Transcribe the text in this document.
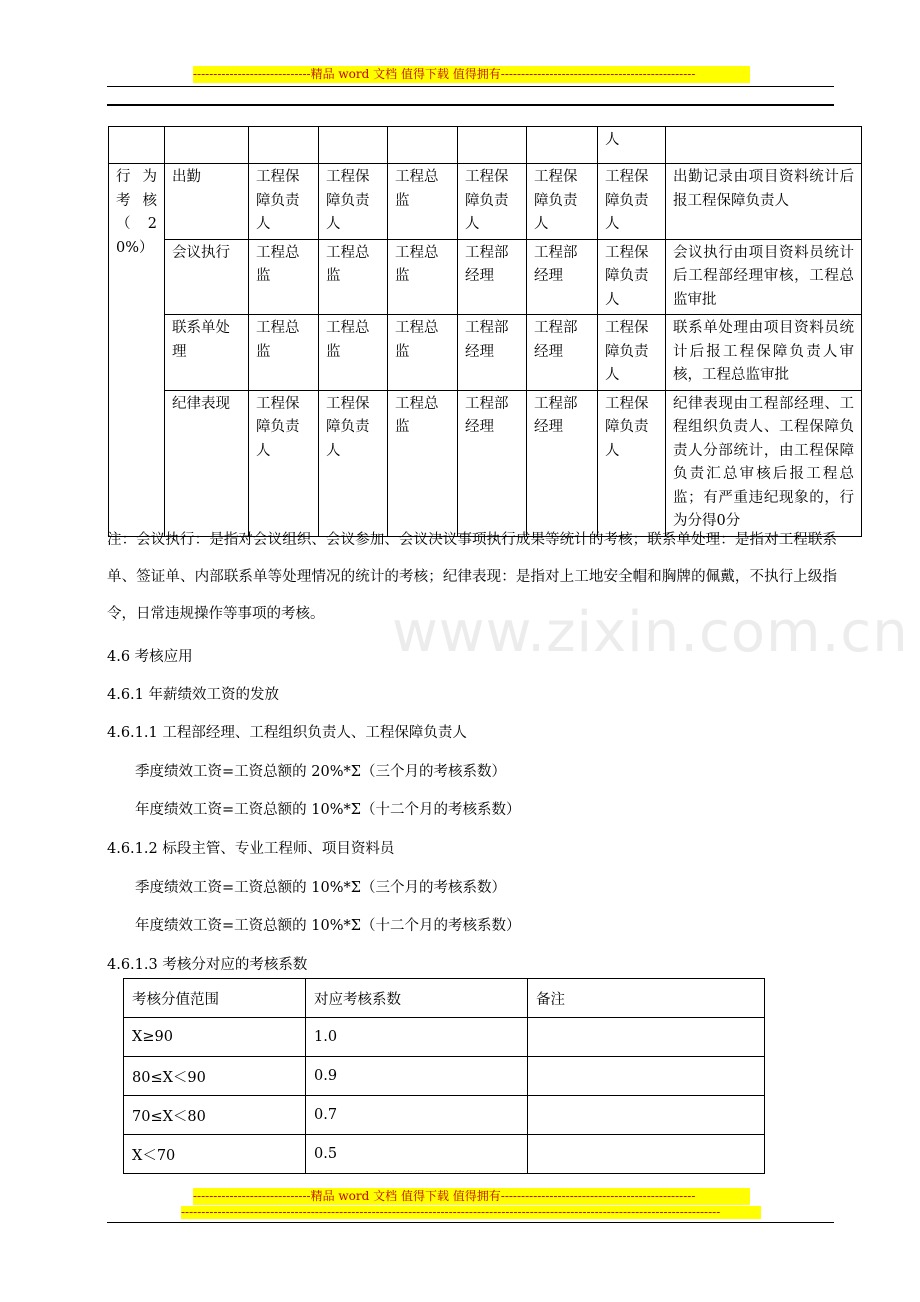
-----------------------------精品 word 文档 值得下载 值得拥有------------------------------------------------
							人	
行为考核（20%）	出勤	工程保障负责人	工程保障负责人	工程总监	工程保障负责人	工程保障负责人	工程保障负责人	出勤记录由项目资料统计后报工程保障负责人
	会议执行	工程总监	工程总监	工程总监	工程部经理	工程部经理	工程保障负责人	会议执行由项目资料员统计后工程部经理审核，工程总监审批
	联系单处理	工程总监	工程总监	工程总监	工程部经理	工程部经理	工程保障负责人	联系单处理由项目资料员统计后报工程保障负责人审核，工程总监审批
	纪律表现	工程保障负责人	工程保障负责人	工程总监	工程部经理	工程部经理	工程保障负责人	纪律表现由工程部经理、工程组织负责人、工程保障负责人分部统计，由工程保障负责汇总审核后报工程总监；有严重违纪现象的，行为分得0分
注：会议执行：是指对会议组织、会议参加、会议决议事项执行成果等统计的考核；联系单处理：是指对工程联系单、签证单、内部联系单等处理情况的统计的考核；纪律表现：是指对上工地安全帽和胸牌的佩戴，不执行上级指令，日常违规操作等事项的考核。	www.zixin.com.cn
4.6 考核应用
4.6.1 年薪绩效工资的发放
4.6.1.1 工程部经理、工程组织负责人、工程保障负责人
季度绩效工资=工资总额的 20%*Σ（三个月的考核系数）
年度绩效工资=工资总额的 10%*Σ（十二个月的考核系数）
4.6.1.2 标段主管、专业工程师、项目资料员
季度绩效工资=工资总额的 10%*Σ（三个月的考核系数）
年度绩效工资=工资总额的 10%*Σ（十二个月的考核系数）
4.6.1.3 考核分对应的考核系数
考核分值范围	对应考核系数	备注
X≥90	1.0	
80≤X＜90	0.9	
70≤X＜80	0.7	
X＜70	0.5	
-----------------------------精品 word 文档 值得下载 值得拥有------------------------------------------------
-------------------------------------------------------------------------------------------------------------------------------------
